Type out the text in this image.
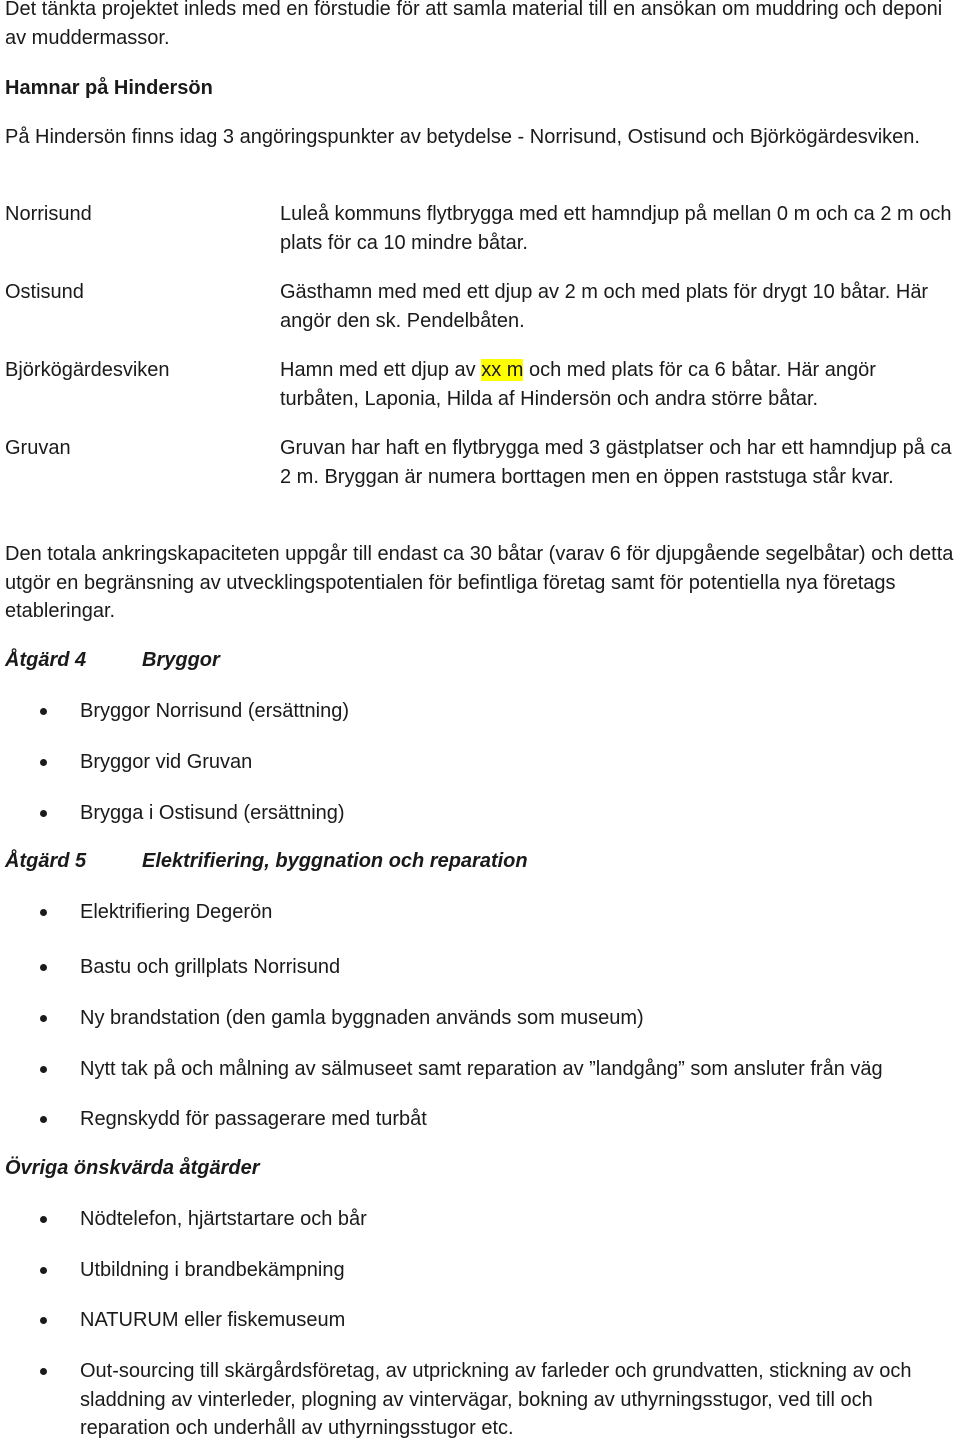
Det tänkta projektet inleds med en förstudie för att samla material till en ansökan om muddring och deponi av muddermassor.

Hamnar på Hindersön

På Hindersön finns idag 3 angöringspunkter av betydelse - Norrisund, Ostisund och Björkögärdesviken.

Norrisund	Luleå kommuns flytbrygga med ett hamndjup på mellan 0 m och ca 2 m och plats för ca 10 mindre båtar.
Ostisund	Gästhamn med med ett djup av 2 m och med plats för drygt 10 båtar. Här angör den sk. Pendelbåten.
Björkögärdesviken	Hamn med ett djup av xx m och med plats för ca 6 båtar. Här angör turbåten, Laponia, Hilda af Hindersön och andra större båtar.
Gruvan	Gruvan har haft en flytbrygga med 3 gästplatser och har ett hamndjup på ca 2 m. Bryggan är numera borttagen men en öppen raststuga står kvar.

Den totala ankringskapaciteten uppgår till endast ca 30 båtar (varav 6 för djupgående segelbåtar) och detta utgör en begränsning av utvecklingspotentialen för befintliga företag samt för potentiella nya företags etableringar.

Åtgärd 4	Bryggor
Bryggor Norrisund (ersättning)
Bryggor vid Gruvan
Brygga i Ostisund (ersättning)
Åtgärd 5	Elektrifiering, byggnation och reparation
Elektrifiering Degerön
Bastu och grillplats Norrisund
Ny brandstation (den gamla byggnaden används som museum)
Nytt tak på och målning av sälmuseet samt reparation av ”landgång” som ansluter från väg
Regnskydd för passagerare med turbåt
Övriga önskvärda åtgärder
Nödtelefon, hjärtstartare och bår
Utbildning i brandbekämpning
NATURUM eller fiskemuseum
Out-sourcing till skärgårdsföretag, av utprickning av farleder och grundvatten, stickning av och sladdning av vinterleder, plogning av vintervägar, bokning av uthyrningsstugor, ved till och reparation och underhåll av uthyrningsstugor etc.
